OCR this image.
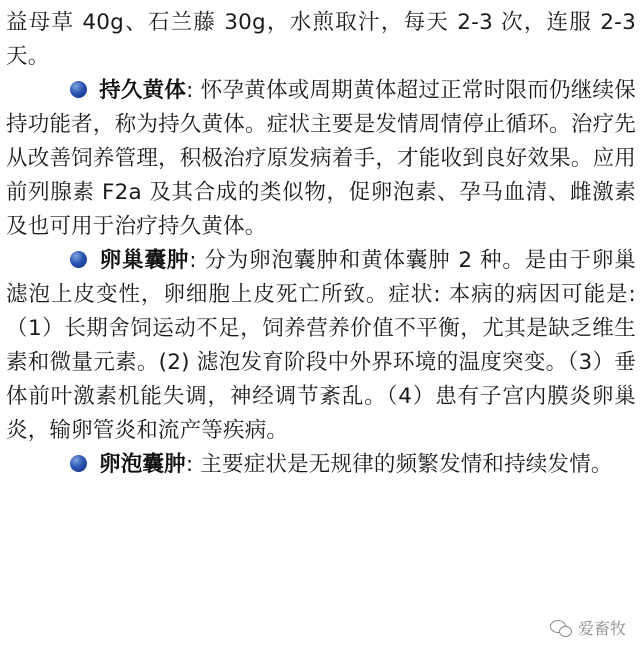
益母草 40g、石兰藤 30g，水煎取汁，每天 2-3 次，连服 2-3 天。

持久黄体: 怀孕黄体或周期黄体超过正常时限而仍继续保持功能者，称为持久黄体。症状主要是发情周情停止循环。治疗先从改善饲养管理，积极治疗原发病着手，才能收到良好效果。应用前列腺素 F2a 及其合成的类似物，促卵泡素、孕马血清、雌激素及也可用于治疗持久黄体。

卵巢囊肿: 分为卵泡囊肿和黄体囊肿 2 种。是由于卵巢滤泡上皮变性，卵细胞上皮死亡所致。症状: 本病的病因可能是: （1）长期舍饲运动不足，饲养营养价值不平衡，尤其是缺乏维生素和微量元素。(2) 滤泡发育阶段中外界环境的温度突变。（3）垂体前叶激素机能失调，神经调节紊乱。（4）患有子宫内膜炎卵巢炎，输卵管炎和流产等疾病。

卵泡囊肿: 主要症状是无规律的频繁发情和持续发情。

爱畜牧
